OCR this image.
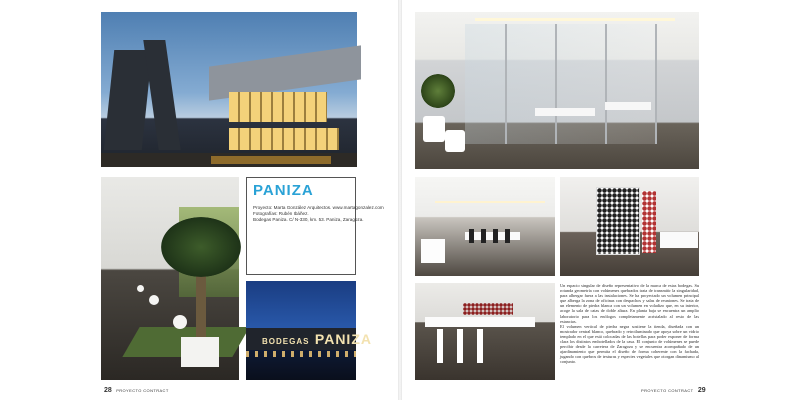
PANIZA
Proyecto: Marta González Arquitectos. www.martagonzalez.com
Fotografías: Rubén Ibáñez.
Bodegas Paniza. C/ N-330, km. 53. Paniza, Zaragoza.
BODEGAS PANIZA

Un espacio singular de diseño representativo de la marca de estas bodegas. Su rotunda geometría con volúmenes quebrados trata de transmitir la singularidad, para albergar fuera a las instalaciones. Se ha proyectado un volumen principal que alberga la zona de oficinas con despachos y salas de reuniones. Se trata de un elemento de piedra blanca con un volumen en voladizo que, en su interior, acoge la sala de catas de doble altura. En planta baja se encuentra un amplio laboratorio para los enólogos completamente acristalado al resto de las estancias.

El volumen vertical de piedra negra sostiene la tienda, diseñada con un mostrador central blanco, quebrado y retroiluminado que apoya sobre un vidrio templado en el que está colocadas de las botellas para poder exponer de forma clara los distintos embotellados de la casa. El conjunto de volúmenes se puede percibir desde la carretera de Zaragoza y se encuentra acompañado de un ajardinamiento que permita el diseño de forma coherente con la fachada, jugando con quebros de texturas y especies vegetales que otorgan dinamismo al conjunto.

28 PROYECTO CONTRACT	PROYECTO CONTRACT 29
